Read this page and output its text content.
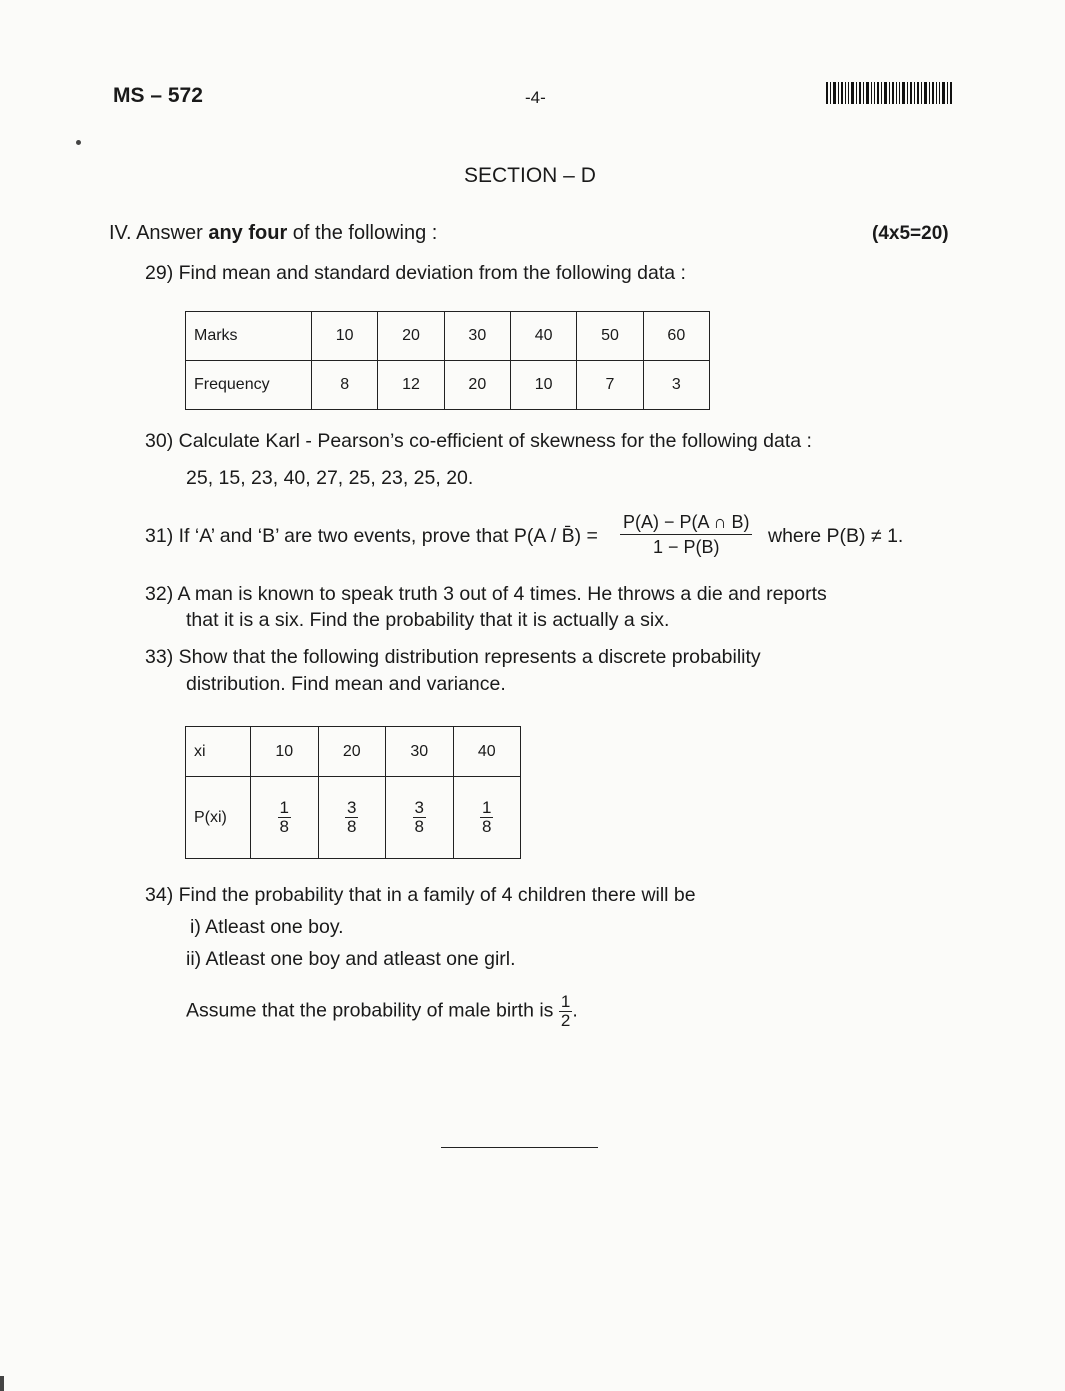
MS – 572	-4-
SECTION – D
IV. Answer any four of the following :	(4x5=20)
29) Find mean and standard deviation from the following data :
Marks	10	20	30	40	50	60
Frequency	8	12	20	10	7	3
30) Calculate Karl - Pearson’s co-efficient of skewness for the following data :
25, 15, 23, 40, 27, 25, 23, 25, 20.
31) If ‘A’ and ‘B’ are two events, prove that P(A / B̄) = $\frac{P(A) - P(A \cap B)}{1 - P(B)}$ where P(B) ≠ 1.
32) A man is known to speak truth 3 out of 4 times. He throws a die and reports
that it is a six. Find the probability that it is actually a six.
33) Show that the following distribution represents a discrete probability
distribution. Find mean and variance.
xi	10	20	30	40
P(xi)	$\frac{1}{8}$	$\frac{3}{8}$	$\frac{3}{8}$	$\frac{1}{8}$
34) Find the probability that in a family of 4 children there will be
i) Atleast one boy.
ii) Atleast one boy and atleast one girl.
Assume that the probability of male birth is $\frac{1}{2}$ .
